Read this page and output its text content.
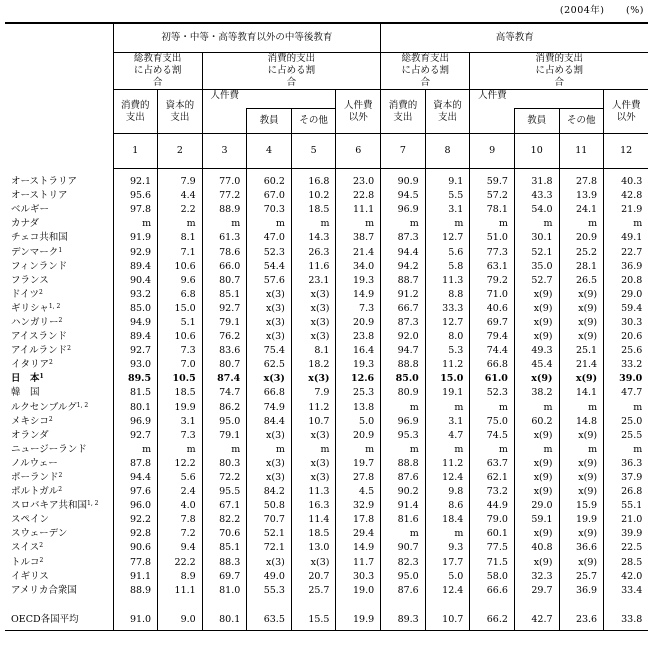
(2004年) (%)
	初等・中等・高等教育以外の中等後教育						高等教育					
	総教育支出に占める割合		消費的支出に占める割合				総教育支出に占める割合		消費的支出に占める割合			
	消費的支出	資本的支出	人件費			人件費以外	消費的支出	資本的支出	人件費			人件費以外
				教員	その他					教員	その他	
	1	2	3	4	5	6	7	8	9	10	11	12

オーストラリア	92.1	7.9	77.0	60.2	16.8	23.0	90.9	9.1	59.7	31.8	27.8	40.3
オーストリア	95.6	4.4	77.2	67.0	10.2	22.8	94.5	5.5	57.2	43.3	13.9	42.8
ベルギー	97.8	2.2	88.9	70.3	18.5	11.1	96.9	3.1	78.1	54.0	24.1	21.9
カナダ	m	m	m	m	m	m	m	m	m	m	m	m
チェコ共和国	91.9	8.1	61.3	47.0	14.3	38.7	87.3	12.7	51.0	30.1	20.9	49.1
デンマーク$^1$	92.9	7.1	78.6	52.3	26.3	21.4	94.4	5.6	77.3	52.1	25.2	22.7
フィンランド	89.4	10.6	66.0	54.4	11.6	34.0	94.2	5.8	63.1	35.0	28.1	36.9
フランス	90.4	9.6	80.7	57.6	23.1	19.3	88.7	11.3	79.2	52.7	26.5	20.8
ドイツ$^2$	93.2	6.8	85.1	x(3)	x(3)	14.9	91.2	8.8	71.0	x(9)	x(9)	29.0
ギリシャ$^{1, 2}$	85.0	15.0	92.7	x(3)	x(3)	7.3	66.7	33.3	40.6	x(9)	x(9)	59.4
ハンガリー$^2$	94.9	5.1	79.1	x(3)	x(3)	20.9	87.3	12.7	69.7	x(9)	x(9)	30.3
アイスランド	89.4	10.6	76.2	x(3)	x(3)	23.8	92.0	8.0	79.4	x(9)	x(9)	20.6
アイルランド$^2$	92.7	7.3	83.6	75.4	8.1	16.4	94.7	5.3	74.4	49.3	25.1	25.6
イタリア$^2$	93.0	7.0	80.7	62.5	18.2	19.3	88.8	11.2	66.8	45.4	21.4	33.2
日　本$^1$	89.5	10.5	87.4	x(3)	x(3)	12.6	85.0	15.0	61.0	x(9)	x(9)	39.0
韓　国	81.5	18.5	74.7	66.8	7.9	25.3	80.9	19.1	52.3	38.2	14.1	47.7
ルクセンブルグ$^{1, 2}$	80.1	19.9	86.2	74.9	11.2	13.8	m	m	m	m	m	m
メキシコ$^2$	96.9	3.1	95.0	84.4	10.7	5.0	96.9	3.1	75.0	60.2	14.8	25.0
オランダ	92.7	7.3	79.1	x(3)	x(3)	20.9	95.3	4.7	74.5	x(9)	x(9)	25.5
ニュージーランド	m	m	m	m	m	m	m	m	m	m	m	m
ノルウェー	87.8	12.2	80.3	x(3)	x(3)	19.7	88.8	11.2	63.7	x(9)	x(9)	36.3
ポーランド$^2$	94.4	5.6	72.2	x(3)	x(3)	27.8	87.6	12.4	62.1	x(9)	x(9)	37.9
ポルトガル$^2$	97.6	2.4	95.5	84.2	11.3	4.5	90.2	9.8	73.2	x(9)	x(9)	26.8
スロバキア共和国$^{1, 2}$	96.0	4.0	67.1	50.8	16.3	32.9	91.4	8.6	44.9	29.0	15.9	55.1
スペイン	92.2	7.8	82.2	70.7	11.4	17.8	81.6	18.4	79.0	59.1	19.9	21.0
スウェーデン	92.8	7.2	70.6	52.1	18.5	29.4	m	m	60.1	x(9)	x(9)	39.9
スイス$^2$	90.6	9.4	85.1	72.1	13.0	14.9	90.7	9.3	77.5	40.8	36.6	22.5
トルコ$^2$	77.8	22.2	88.3	x(3)	x(3)	11.7	82.3	17.7	71.5	x(9)	x(9)	28.5
イギリス	91.1	8.9	69.7	49.0	20.7	30.3	95.0	5.0	58.0	32.3	25.7	42.0
アメリカ合衆国	88.9	11.1	81.0	55.3	25.7	19.0	87.6	12.4	66.6	29.7	36.9	33.4

OECD各国平均	91.0	9.0	80.1	63.5	15.5	19.9	89.3	10.7	66.2	42.7	23.6	33.8
